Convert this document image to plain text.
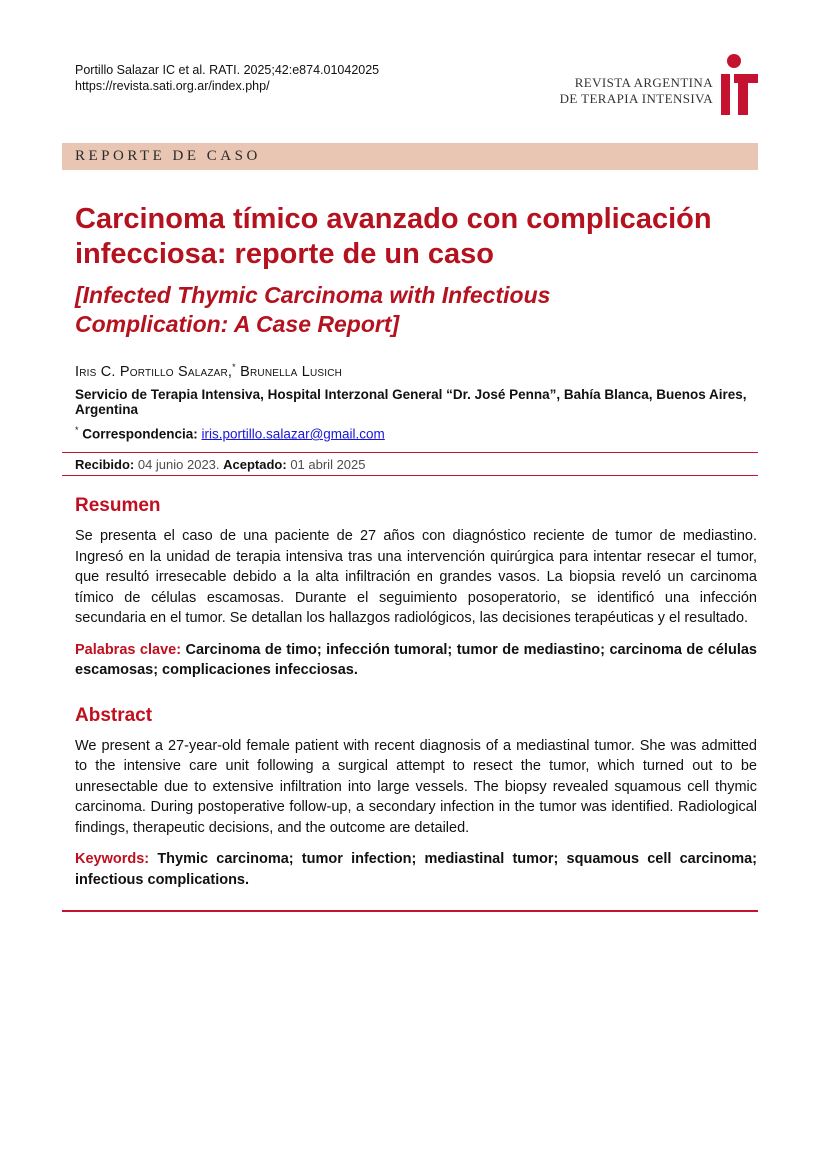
Portillo Salazar IC et al. RATI. 2025;42:e874.01042025
https://revista.sati.org.ar/index.php/	REVISTA ARGENTINA
DE TERAPIA INTENSIVA
REPORTE DE CASO
Carcinoma tímico avanzado con complicación
infecciosa: reporte de un caso
[Infected Thymic Carcinoma with Infectious
Complication: A Case Report]
Iris C. Portillo Salazar,* Brunella Lusich
Servicio de Terapia Intensiva, Hospital Interzonal General “Dr. José Penna”, Bahía Blanca, Buenos Aires, Argentina
* Correspondencia: iris.portillo.salazar@gmail.com
Recibido: 04 junio 2023. Aceptado: 01 abril 2025
Resumen

Se presenta el caso de una paciente de 27 años con diagnóstico reciente de tumor de mediastino. Ingresó en la unidad de terapia intensiva tras una intervención quirúrgica para intentar resecar el tumor, que resultó irresecable debido a la alta infiltración en grandes vasos. La biopsia reveló un carcinoma tímico de células escamosas. Durante el seguimiento posoperatorio, se identificó una infección secundaria en el tumor. Se detallan los hallazgos radiológicos, las decisiones terapéuticas y el resultado.

Palabras clave: Carcinoma de timo; infección tumoral; tumor de mediastino; carcinoma de células escamosas; complicaciones infecciosas.

Abstract

We present a 27-year-old female patient with recent diagnosis of a mediastinal tumor. She was admitted to the intensive care unit following a surgical attempt to resect the tumor, which turned out to be unresectable due to extensive infiltration into large vessels. The biopsy revealed squamous cell thymic carcinoma. During postoperative follow-up, a secondary infection in the tumor was identified. Radiological findings, therapeutic decisions, and the outcome are detailed.

Keywords: Thymic carcinoma; tumor infection; mediastinal tumor; squamous cell carcinoma; infectious complications.
